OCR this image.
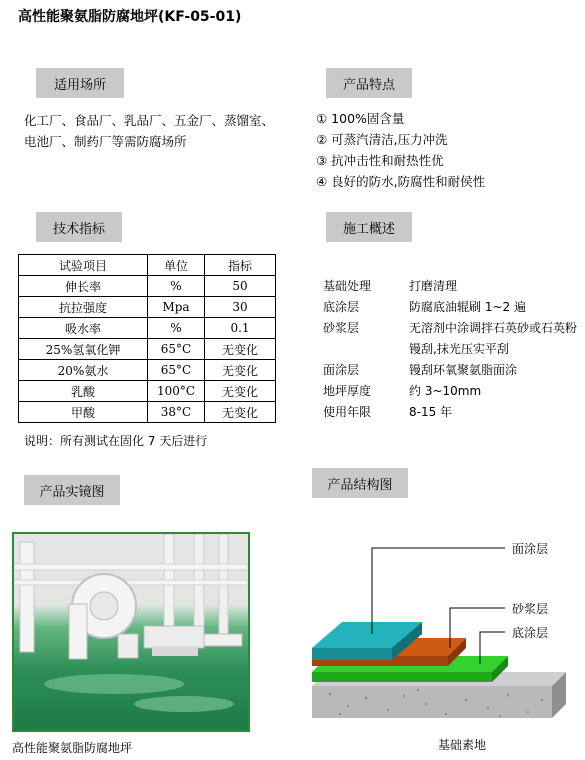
高性能聚氨脂防腐地坪(KF-05-01)
适用场所	产品特点
技术指标	施工概述
产品实镜图	产品结构图
化工厂、食品厂、乳品厂、五金厂、蒸馏室、
电池厂、制药厂等需防腐场所
① 100%固含量
② 可蒸汽清洁,压力冲洗
③ 抗冲击性和耐热性优
④ 良好的防水,防腐性和耐侯性
试验项目	单位	指标
伸长率	%	50
抗拉强度	Mpa	30
吸水率	%	0.1
25%氢氧化钾	65°C	无变化
20%氨水	65°C	无变化
乳酸	100°C	无变化
甲酸	38°C	无变化
说明：所有测试在固化 7 天后进行
基础处理	打磨清理
底涂层	防腐底油辊刷 1~2 遍
砂浆层	无溶剂中涂调拌石英砂或石英粉镘刮,抹光压实平刮
面涂层	镘刮环氧聚氨脂面涂
地坪厚度	约 3~10mm
使用年限	8-15 年
高性能聚氨脂防腐地坪
面涂层
砂浆层
底涂层
基础素地
